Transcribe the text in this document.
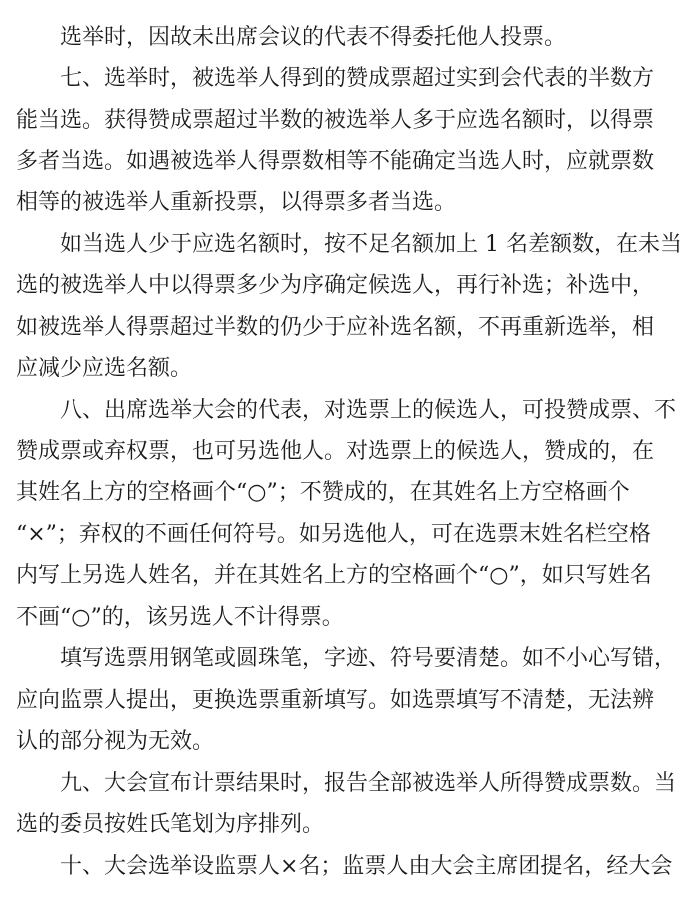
选举时，因故未出席会议的代表不得委托他人投票。
七、选举时，被选举人得到的赞成票超过实到会代表的半数方
能当选。获得赞成票超过半数的被选举人多于应选名额时，以得票
多者当选。如遇被选举人得票数相等不能确定当选人时，应就票数
相等的被选举人重新投票，以得票多者当选。
如当选人少于应选名额时，按不足名额加上 1 名差额数，在未当
选的被选举人中以得票多少为序确定候选人，再行补选；补选中，
如被选举人得票超过半数的仍少于应补选名额，不再重新选举，相
应减少应选名额。
八、出席选举大会的代表，对选票上的候选人，可投赞成票、不
赞成票或弃权票，也可另选他人。对选票上的候选人，赞成的，在
其姓名上方的空格画个“○”；不赞成的，在其姓名上方空格画个
“×”；弃权的不画任何符号。如另选他人，可在选票末姓名栏空格
内写上另选人姓名，并在其姓名上方的空格画个“○”，如只写姓名
不画“○”的，该另选人不计得票。
填写选票用钢笔或圆珠笔，字迹、符号要清楚。如不小心写错，
应向监票人提出，更换选票重新填写。如选票填写不清楚，无法辨
认的部分视为无效。
九、大会宣布计票结果时，报告全部被选举人所得赞成票数。当
选的委员按姓氏笔划为序排列。
十、大会选举设监票人×名；监票人由大会主席团提名，经大会
